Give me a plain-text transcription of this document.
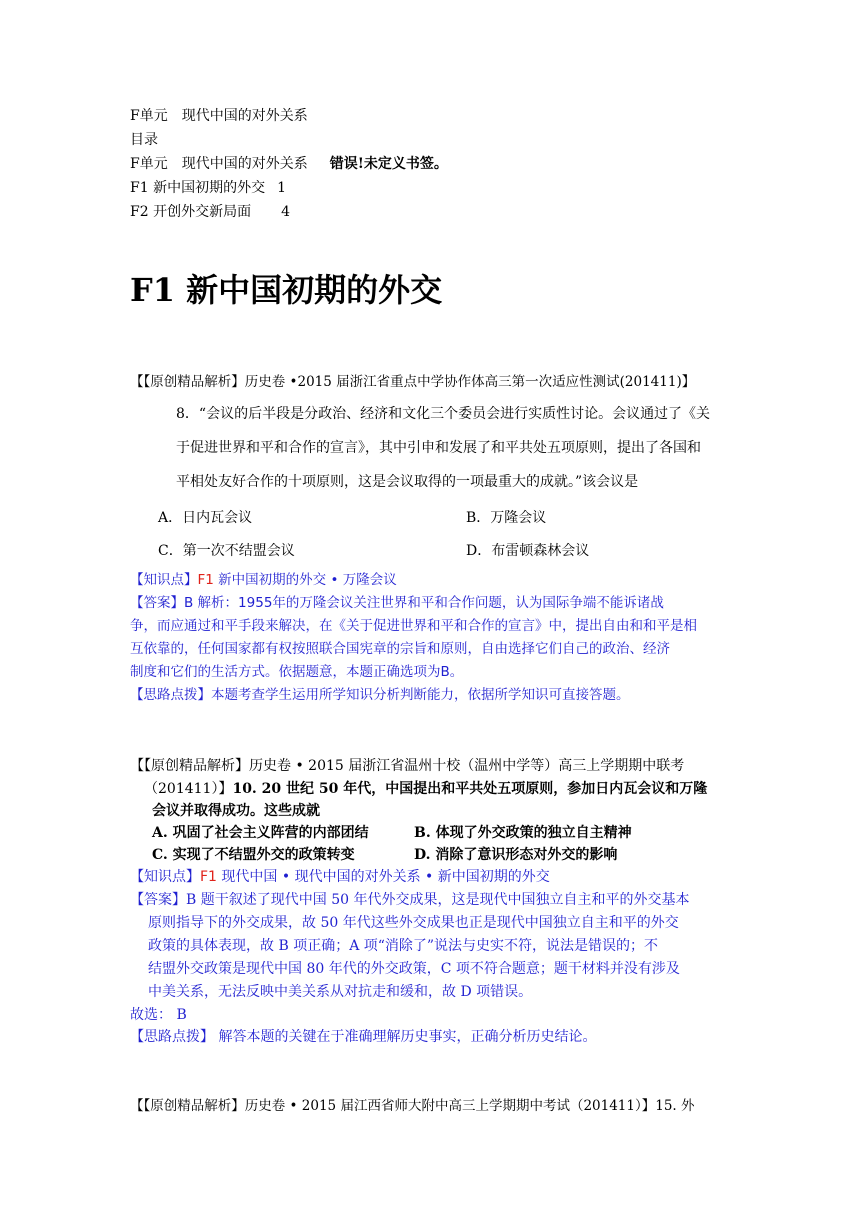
F单元　现代中国的对外关系
目录
F单元　现代中国的对外关系 错误!未定义书签。
F1 新中国初期的外交 1
F2 开创外交新局面 4
F1 新中国初期的外交
【【原创精品解析】历史卷 •2015 届浙江省重点中学协作体高三第一次适应性测试(201411)】
8．“会议的后半段是分政治、经济和文化三个委员会进行实质性讨论。会议通过了《关
于促进世界和平和合作的宣言》，其中引申和发展了和平共处五项原则，提出了各国和
平相处友好合作的十项原则，这是会议取得的一项最重大的成就。”该会议是
A．日内瓦会议	B．万隆会议
C．第一次不结盟会议	D．布雷顿森林会议
【知识点】F1 新中国初期的外交 • 万隆会议
【答案】B 解析：1955年的万隆会议关注世界和平和合作问题，认为国际争端不能诉诸战
争，而应通过和平手段来解决，在《关于促进世界和平和合作的宣言》中，提出自由和和平是相
互依靠的，任何国家都有权按照联合国宪章的宗旨和原则，自由选择它们自己的政治、经济
制度和它们的生活方式。依据题意，本题正确选项为B。
【思路点拨】本题考查学生运用所学知识分析判断能力，依据所学知识可直接答题。
【【原创精品解析】历史卷 • 2015 届浙江省温州十校（温州中学等）高三上学期期中联考
（201411）】10. 20 世纪 50 年代，中国提出和平共处五项原则，参加日内瓦会议和万隆
会议并取得成功。这些成就
A. 巩固了社会主义阵营的内部团结	B. 体现了外交政策的独立自主精神
C. 实现了不结盟外交的政策转变	D. 消除了意识形态对外交的影响
【知识点】F1 现代中国 • 现代中国的对外关系 • 新中国初期的外交
【答案】B 题干叙述了现代中国 50 年代外交成果，这是现代中国独立自主和平的外交基本
原则指导下的外交成果，故 50 年代这些外交成果也正是现代中国独立自主和平的外交
政策的具体表现，故 B 项正确；A 项“消除了”说法与史实不符，说法是错误的；不
结盟外交政策是现代中国 80 年代的外交政策，C 项不符合题意；题干材料并没有涉及
中美关系，无法反映中美关系从对抗走和缓和，故 D 项错误。
故选： B
【思路点拨】 解答本题的关键在于准确理解历史事实，正确分析历史结论。
【【原创精品解析】历史卷 • 2015 届江西省师大附中高三上学期期中考试（201411）】15. 外
